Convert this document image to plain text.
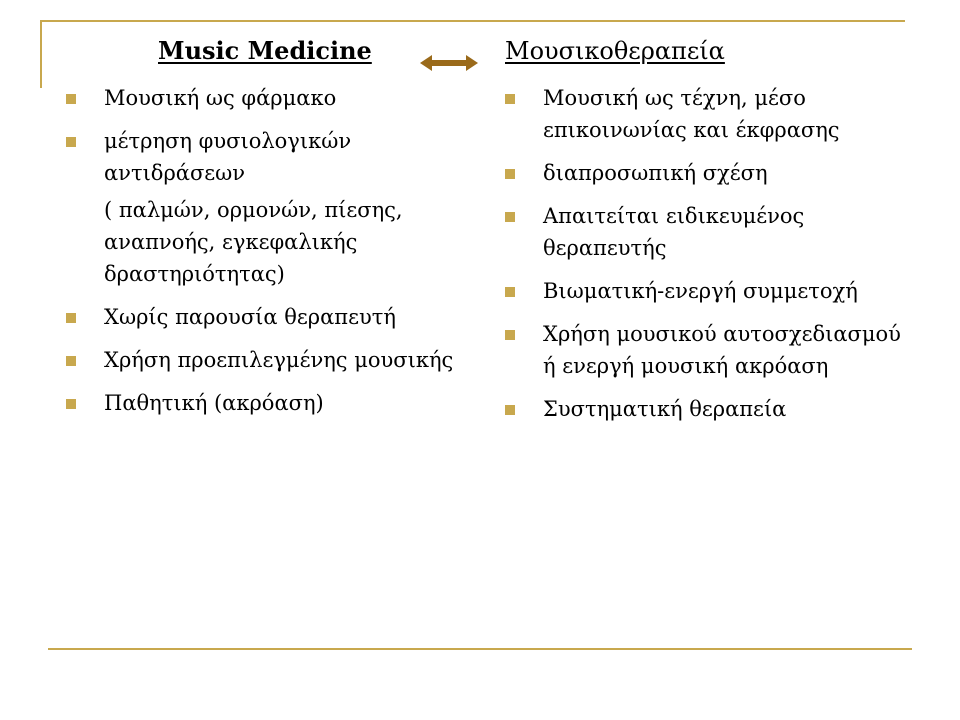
Music Medicine	Μουσικοθεραπεία
Μουσική ως φάρμακο
μέτρηση φυσιολογικών αντιδράσεων
( παλμών, ορμονών, πίεσης, αναπνοής, εγκεφαλικής δραστηριότητας)
Χωρίς παρουσία θεραπευτή
Χρήση προεπιλεγμένης μουσικής
Παθητική (ακρόαση)
Μουσική ως τέχνη, μέσο επικοινωνίας και έκφρασης
διαπροσωπική σχέση
Απαιτείται ειδικευμένος θεραπευτής
Βιωματική-ενεργή συμμετοχή
Χρήση μουσικού αυτοσχεδιασμού ή ενεργή μουσική ακρόαση
Συστηματική θεραπεία
